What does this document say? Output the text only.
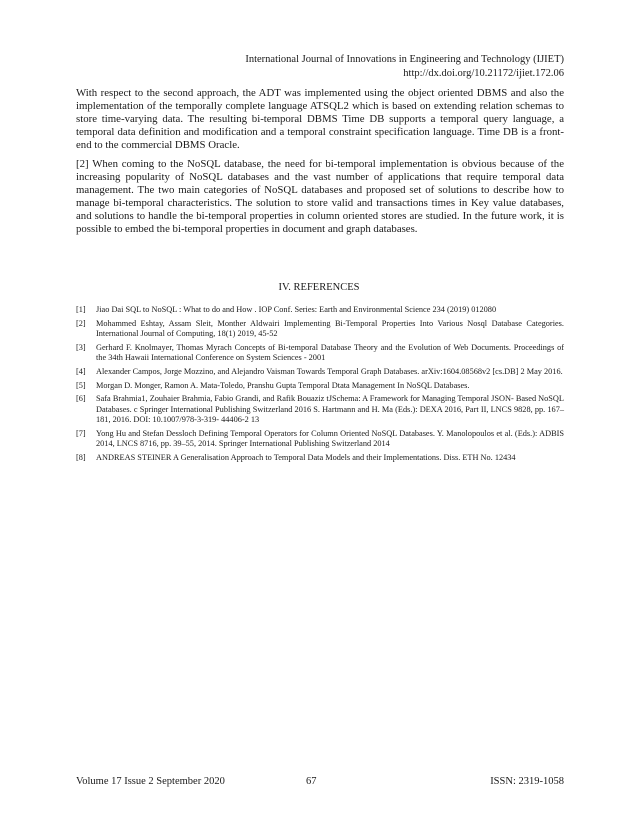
International Journal of Innovations in Engineering and Technology (IJIET)
http://dx.doi.org/10.21172/ijiet.172.06

With respect to the second approach, the ADT was implemented using the object oriented DBMS and also the implementation of the temporally complete language ATSQL2 which is based on extending relation schemas to store time-varying data. The resulting bi-temporal DBMS Time DB supports a temporal query language, a temporal data definition and modification and a temporal constraint specification language. Time DB is a front-end to the commercial DBMS Oracle.

[2] When coming to the NoSQL database, the need for bi-temporal implementation is obvious because of the increasing popularity of NoSQL databases and the vast number of applications that require temporal data management. The two main categories of NoSQL databases and proposed set of solutions to describe how to manage bi-temporal characteristics. The solution to store valid and transactions times in Key value databases, and solutions to handle the bi-temporal properties in column oriented stores are studied. In the future work, it is possible to embed the bi-temporal properties in document and graph databases.

IV. REFERENCES
[1] Jiao Dai SQL to NoSQL : What to do and How . IOP Conf. Series: Earth and Environmental Science 234 (2019) 012080
[2] Mohammed Eshtay, Assam Sleit, Monther Aldwairi Implementing Bi-Temporal Properties Into Various Nosql Database Categories. International Journal of Computing, 18(1) 2019, 45-52
[3] Gerhard F. Knolmayer, Thomas Myrach Concepts of Bi-temporal Database Theory and the Evolution of Web Documents. Proceedings of the 34th Hawaii International Conference on System Sciences - 2001
[4] Alexander Campos, Jorge Mozzino, and Alejandro Vaisman Towards Temporal Graph Databases. arXiv:1604.08568v2 [cs.DB] 2 May 2016.
[5] Morgan D. Monger, Ramon A. Mata-Toledo, Pranshu Gupta Temporal Dtata Management In NoSQL Databases.
[6] Safa Brahmia1, Zouhaier Brahmia, Fabio Grandi, and Rafik Bouaziz tJSchema: A Framework for Managing Temporal JSON- Based NoSQL Databases. c Springer International Publishing Switzerland 2016 S. Hartmann and H. Ma (Eds.): DEXA 2016, Part II, LNCS 9828, pp. 167–181, 2016. DOI: 10.1007/978-3-319- 44406-2 13
[7] Yong Hu and Stefan Dessloch Defining Temporal Operators for Column Oriented NoSQL Databases. Y. Manolopoulos et al. (Eds.): ADBIS 2014, LNCS 8716, pp. 39–55, 2014. Springer International Publishing Switzerland 2014
[8] ANDREAS STEINER A Generalisation Approach to Temporal Data Models and their Implementations. Diss. ETH No. 12434
Volume 17 Issue 2 September 2020	67	ISSN: 2319-1058
